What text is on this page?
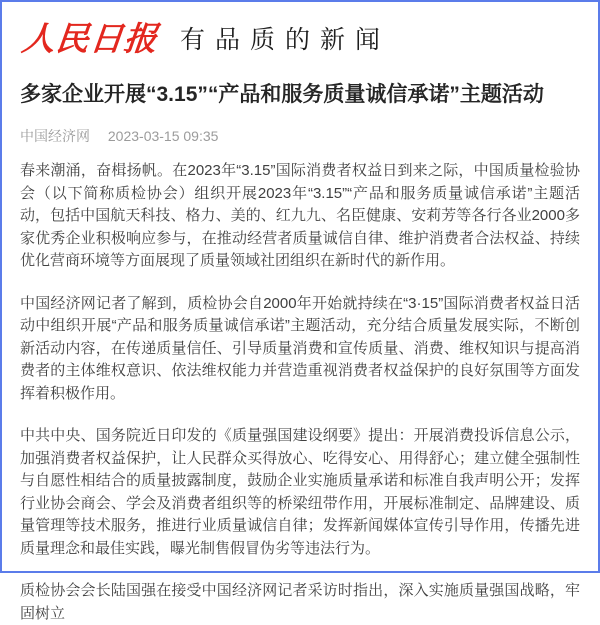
人民日报 有品质的新闻
多家企业开展“3.15”“产品和服务质量诚信承诺”主题活动
中国经济网 2023-03-15 09:35

春来潮涌，奋楫扬帆。在2023年“3.15”国际消费者权益日到来之际，中国质量检验协会（以下简称质检协会）组织开展2023年“3.15”“产品和服务质量诚信承诺”主题活动，包括中国航天科技、格力、美的、红九九、名臣健康、安莉芳等各行各业2000多家优秀企业积极响应参与，在推动经营者质量诚信自律、维护消费者合法权益、持续优化营商环境等方面展现了质量领域社团组织在新时代的新作用。

中国经济网记者了解到，质检协会自2000年开始就持续在“3·15”国际消费者权益日活动中组织开展“产品和服务质量诚信承诺”主题活动，充分结合质量发展实际，不断创新活动内容，在传递质量信任、引导质量消费和宣传质量、消费、维权知识与提高消费者的主体维权意识、依法维权能力并营造重视消费者权益保护的良好氛围等方面发挥着积极作用。

中共中央、国务院近日印发的《质量强国建设纲要》提出：开展消费投诉信息公示，加强消费者权益保护，让人民群众买得放心、吃得安心、用得舒心；建立健全强制性与自愿性相结合的质量披露制度，鼓励企业实施质量承诺和标准自我声明公开；发挥行业协会商会、学会及消费者组织等的桥梁纽带作用，开展标准制定、品牌建设、质量管理等技术服务，推进行业质量诚信自律；发挥新闻媒体宣传引导作用，传播先进质量理念和最佳实践，曝光制售假冒伪劣等违法行为。

质检协会会长陆国强在接受中国经济网记者采访时指出，深入实施质量强国战略，牢固树立
